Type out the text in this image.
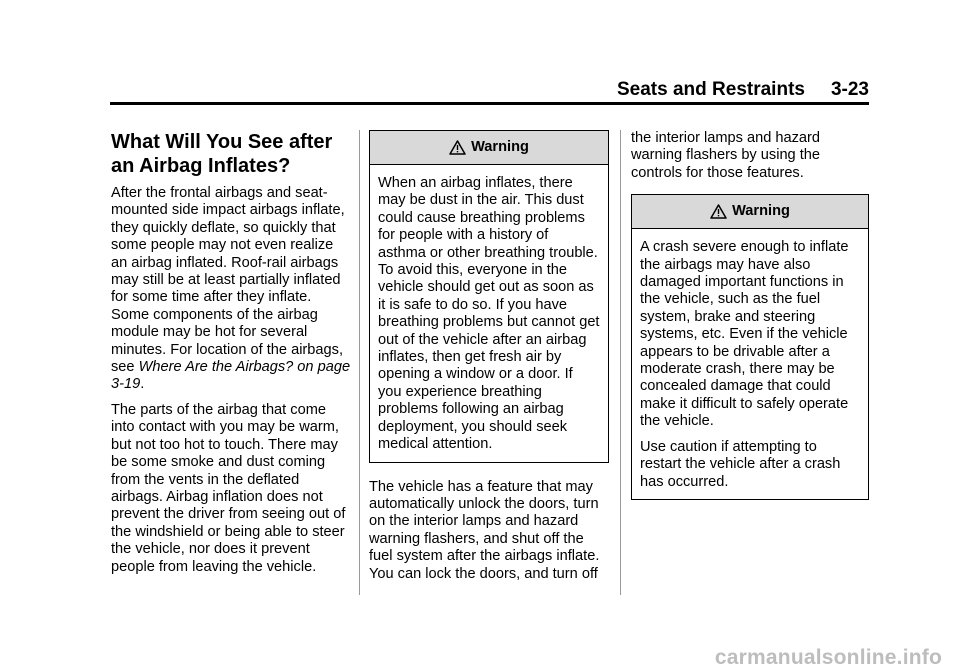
Seats and Restraints 3-23
What Will You See after an Airbag Inflates?

After the frontal airbags and seat-mounted side impact airbags inflate, they quickly deflate, so quickly that some people may not even realize an airbag inflated. Roof-rail airbags may still be at least partially inflated for some time after they inflate. Some components of the airbag module may be hot for several minutes. For location of the airbags, see Where Are the Airbags? on page 3-19.

The parts of the airbag that come into contact with you may be warm, but not too hot to touch. There may be some smoke and dust coming from the vents in the deflated airbags. Airbag inflation does not prevent the driver from seeing out of the windshield or being able to steer the vehicle, nor does it prevent people from leaving the vehicle.

Warning

When an airbag inflates, there may be dust in the air. This dust could cause breathing problems for people with a history of asthma or other breathing trouble. To avoid this, everyone in the vehicle should get out as soon as it is safe to do so. If you have breathing problems but cannot get out of the vehicle after an airbag inflates, then get fresh air by opening a window or a door. If you experience breathing problems following an airbag deployment, you should seek medical attention.

The vehicle has a feature that may automatically unlock the doors, turn on the interior lamps and hazard warning flashers, and shut off the fuel system after the airbags inflate. You can lock the doors, and turn off

the interior lamps and hazard warning flashers by using the controls for those features.

Warning

A crash severe enough to inflate the airbags may have also damaged important functions in the vehicle, such as the fuel system, brake and steering systems, etc. Even if the vehicle appears to be drivable after a moderate crash, there may be concealed damage that could make it difficult to safely operate the vehicle.

Use caution if attempting to restart the vehicle after a crash has occurred.

carmanualsonline.info
